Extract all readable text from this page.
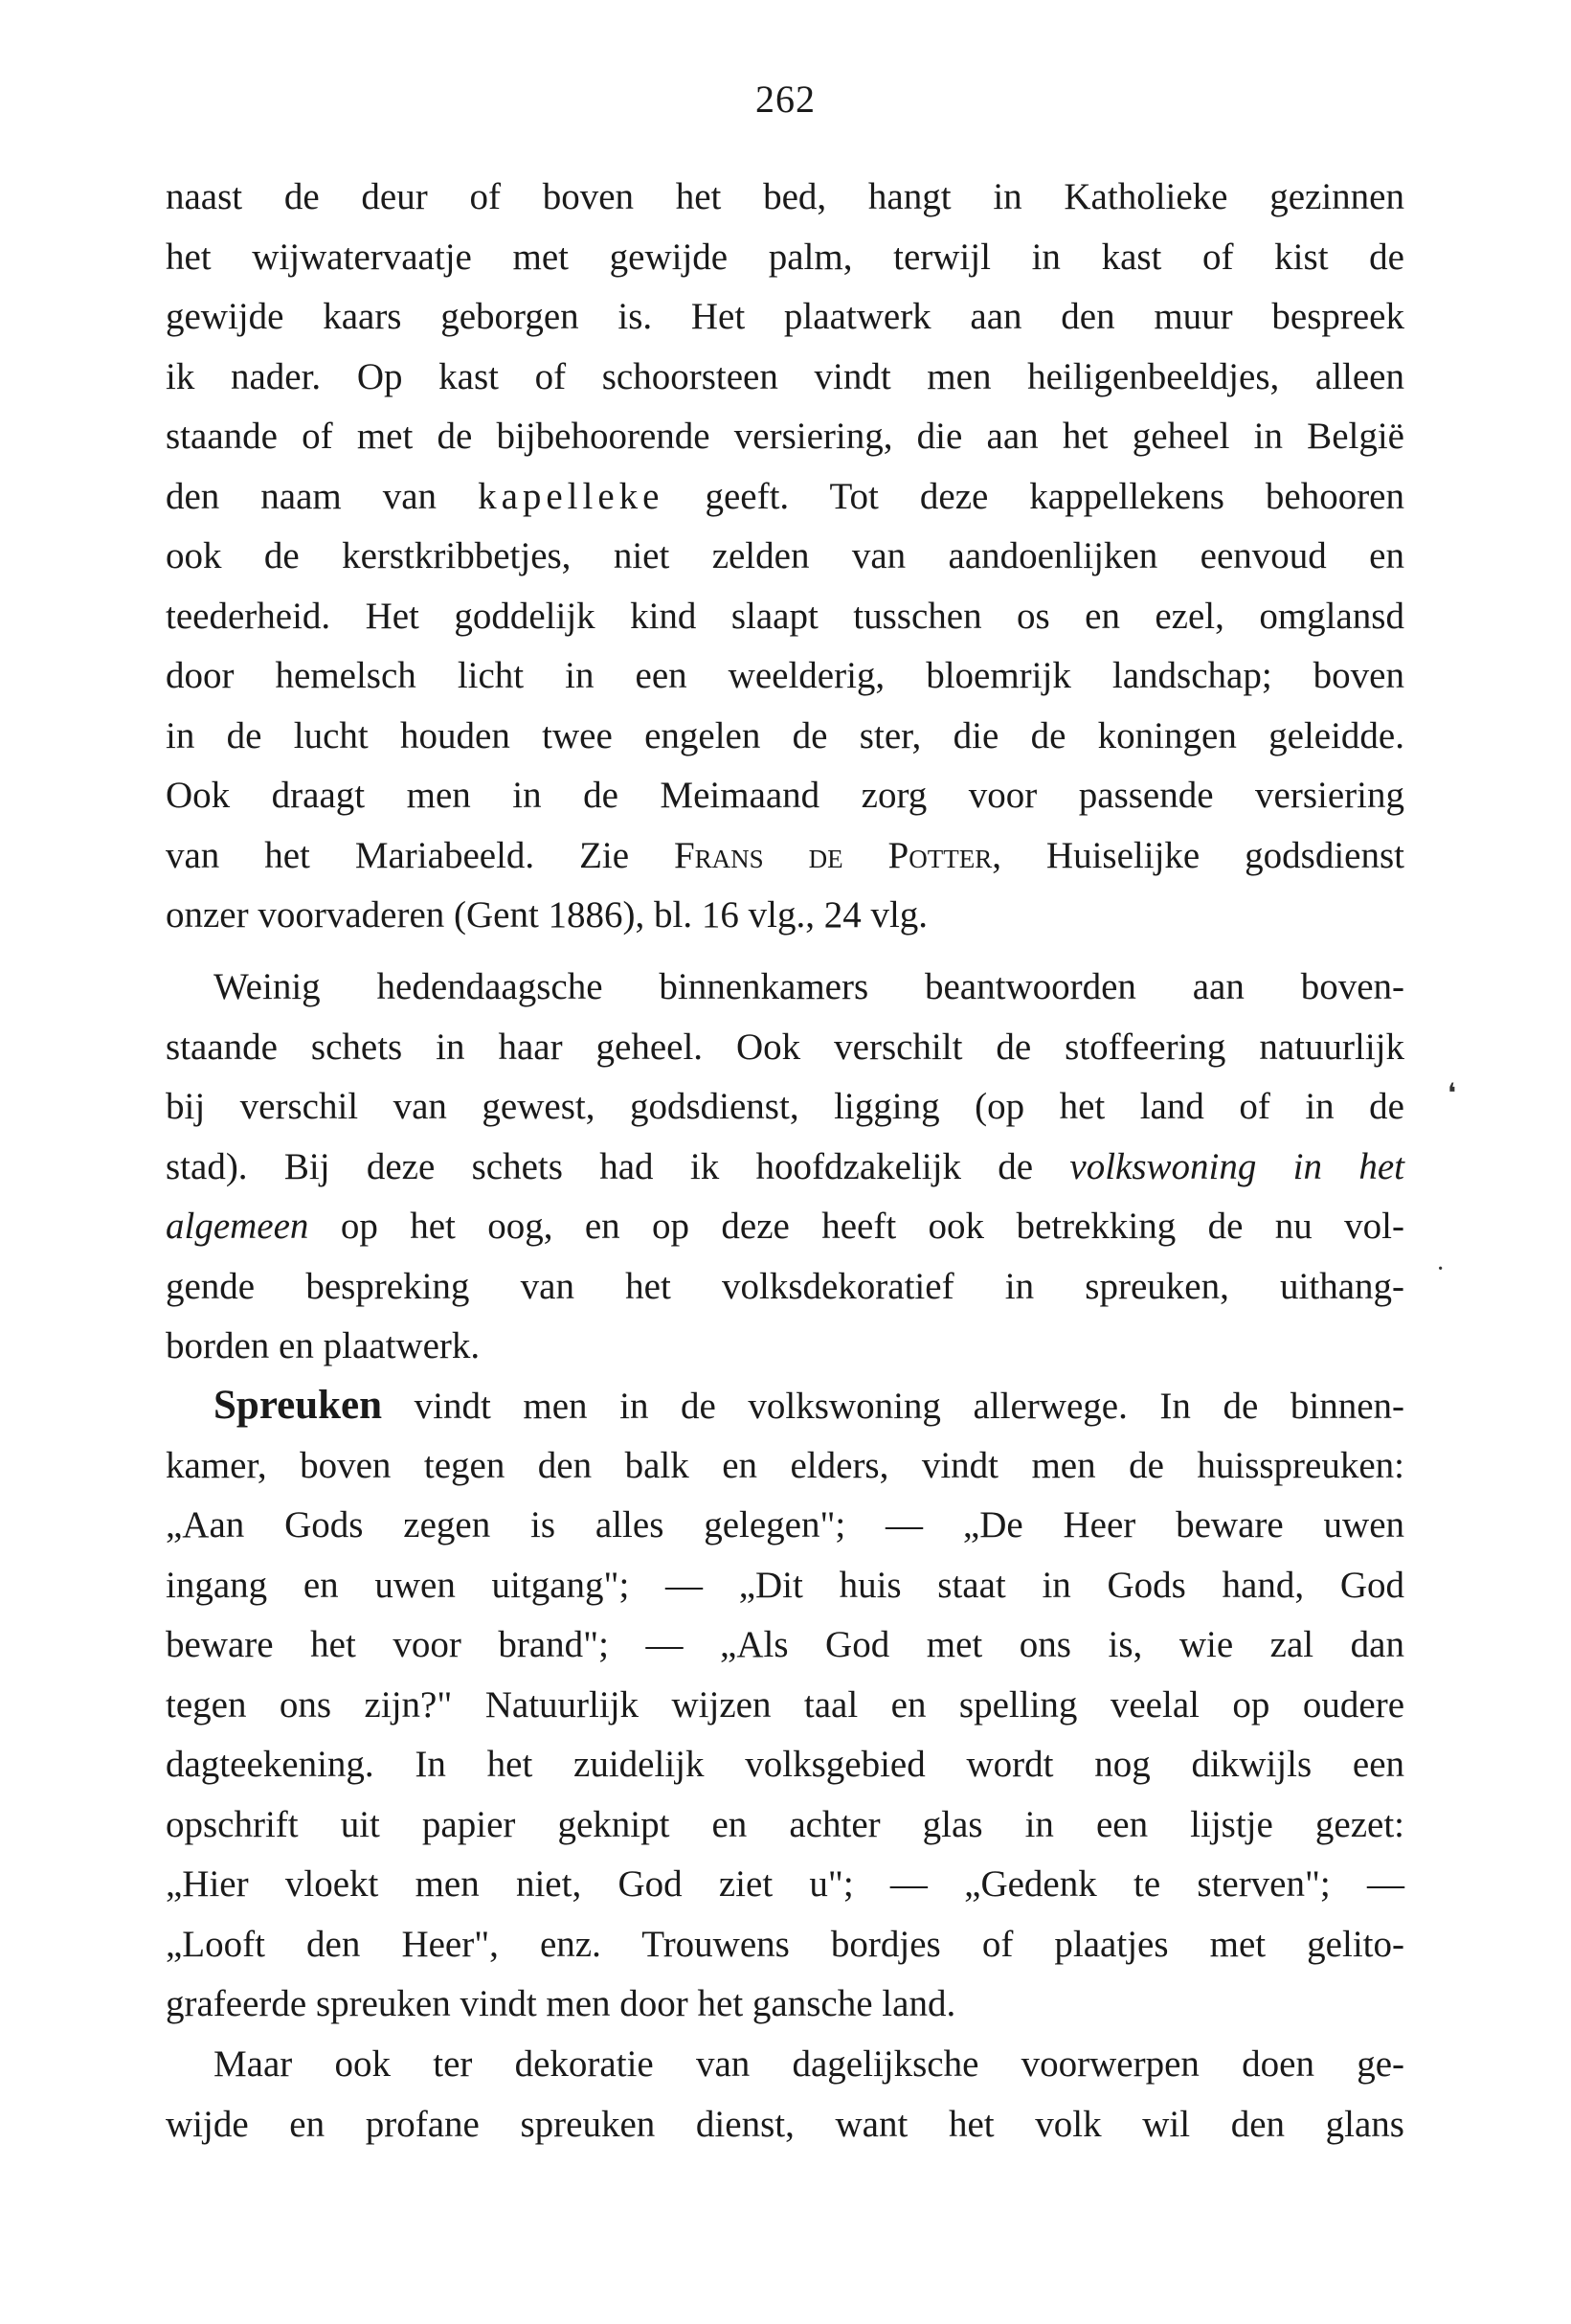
262
naast de deur of boven het bed, hangt in Katholieke gezinnen
het wijwatervaatje met gewijde palm, terwijl in kast of kist de
gewijde kaars geborgen is. Het plaatwerk aan den muur bespreek
ik nader. Op kast of schoorsteen vindt men heiligenbeeldjes, alleen
staande of met de bijbehoorende versiering, die aan het geheel in België
den naam van kapelleke geeft. Tot deze kappellekens behooren
ook de kerstkribbetjes, niet zelden van aandoenlijken eenvoud en
teederheid. Het goddelijk kind slaapt tusschen os en ezel, omglansd
door hemelsch licht in een weelderig, bloemrijk landschap; boven
in de lucht houden twee engelen de ster, die de koningen geleidde.
Ook draagt men in de Meimaand zorg voor passende versiering
van het Mariabeeld. Zie Frans de Potter, Huiselijke godsdienst
onzer voorvaderen (Gent 1886), bl. 16 vlg., 24 vlg.
Weinig hedendaagsche binnenkamers beantwoorden aan boven-
staande schets in haar geheel. Ook verschilt de stoffeering natuurlijk
bij verschil van gewest, godsdienst, ligging (op het land of in de
stad). Bij deze schets had ik hoofdzakelijk de volkswoning in het
algemeen op het oog, en op deze heeft ook betrekking de nu vol-
gende bespreking van het volksdekoratief in spreuken, uithang-
borden en plaatwerk.
Spreuken vindt men in de volkswoning allerwege. In de binnen-
kamer, boven tegen den balk en elders, vindt men de huisspreuken:
„Aan Gods zegen is alles gelegen"; — „De Heer beware uwen
ingang en uwen uitgang"; — „Dit huis staat in Gods hand, God
beware het voor brand"; — „Als God met ons is, wie zal dan
tegen ons zijn?" Natuurlijk wijzen taal en spelling veelal op oudere
dagteekening. In het zuidelijk volksgebied wordt nog dikwijls een
opschrift uit papier geknipt en achter glas in een lijstje gezet:
„Hier vloekt men niet, God ziet u"; — „Gedenk te sterven"; —
„Looft den Heer", enz. Trouwens bordjes of plaatjes met gelito-
grafeerde spreuken vindt men door het gansche land.
Maar ook ter dekoratie van dagelijksche voorwerpen doen ge-
wijde en profane spreuken dienst, want het volk wil den glans
❛
·
